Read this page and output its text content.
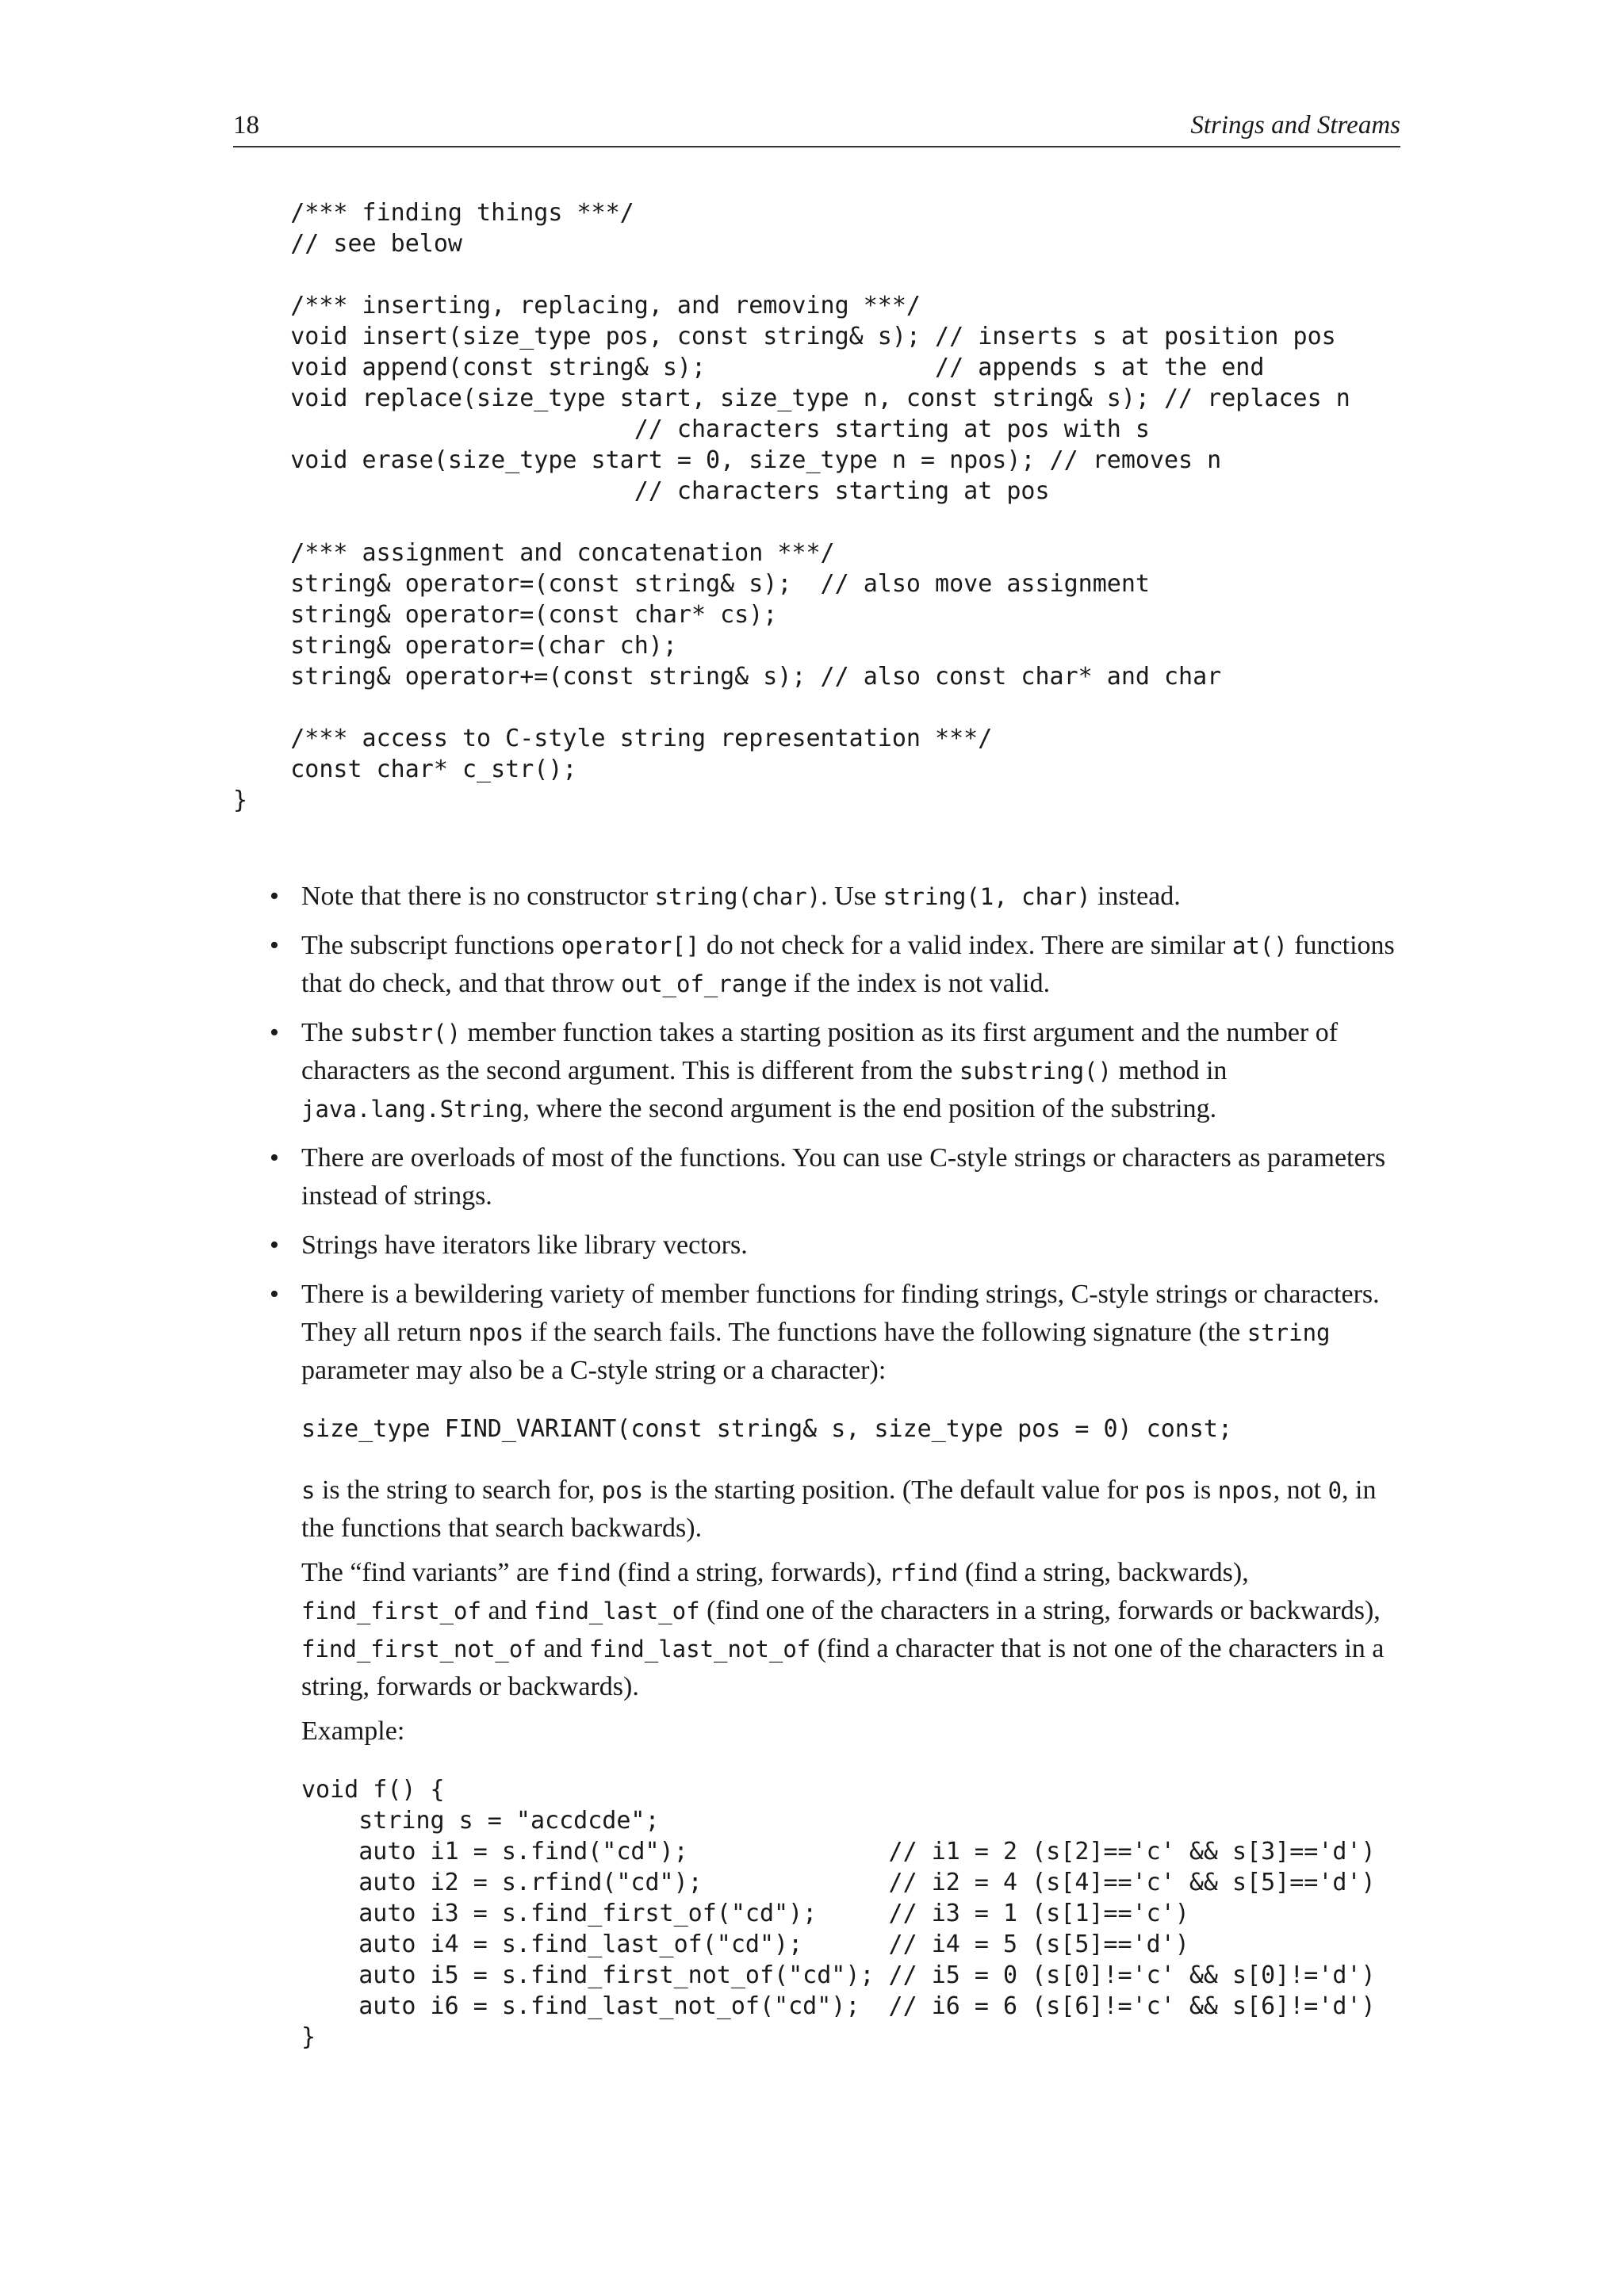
18	Strings and Streams
/*** finding things ***/
// see below
/*** inserting, replacing, and removing ***/
void insert(size_type pos, const string& s); // inserts s at position pos
void append(const string& s);                // appends s at the end
void replace(size_type start, size_type n, const string& s); // replaces n
// characters starting at pos with s
void erase(size_type start = 0, size_type n = npos); // removes n
// characters starting at pos
/*** assignment and concatenation ***/
string& operator=(const string& s);  // also move assignment
string& operator=(const char* cs);
string& operator=(char ch);
string& operator+=(const string& s); // also const char* and char
/*** access to C-style string representation ***/
const char* c_str();
}
• Note that there is no constructor string(char). Use string(1, char) instead.

• The subscript functions operator[] do not check for a valid index. There are similar at() functions that do check, and that throw out_of_range if the index is not valid.

• The substr() member function takes a starting position as its first argument and the number of characters as the second argument. This is different from the substring() method in java.lang.String, where the second argument is the end position of the substring.

• There are overloads of most of the functions. You can use C-style strings or characters as parameters instead of strings.

• Strings have iterators like library vectors.

• There is a bewildering variety of member functions for finding strings, C-style strings or characters. They all return npos if the search fails. The functions have the following signature (the string parameter may also be a C-style string or a character):

size_type FIND_VARIANT(const string& s, size_type pos = 0) const;

s is the string to search for, pos is the starting position. (The default value for pos is npos, not 0, in the functions that search backwards).

The “find variants” are find (find a string, forwards), rfind (find a string, backwards), find_first_of and find_last_of (find one of the characters in a string, forwards or backwards), find_first_not_of and find_last_not_of (find a character that is not one of the characters in a string, forwards or backwards).

Example:

void f() {
string s = "accdcde";
auto i1 = s.find("cd");              // i1 = 2 (s[2]=='c' && s[3]=='d')
auto i2 = s.rfind("cd");             // i2 = 4 (s[4]=='c' && s[5]=='d')
auto i3 = s.find_first_of("cd");     // i3 = 1 (s[1]=='c')
auto i4 = s.find_last_of("cd");      // i4 = 5 (s[5]=='d')
auto i5 = s.find_first_not_of("cd"); // i5 = 0 (s[0]!='c' && s[0]!='d')
auto i6 = s.find_last_not_of("cd");  // i6 = 6 (s[6]!='c' && s[6]!='d')
}
